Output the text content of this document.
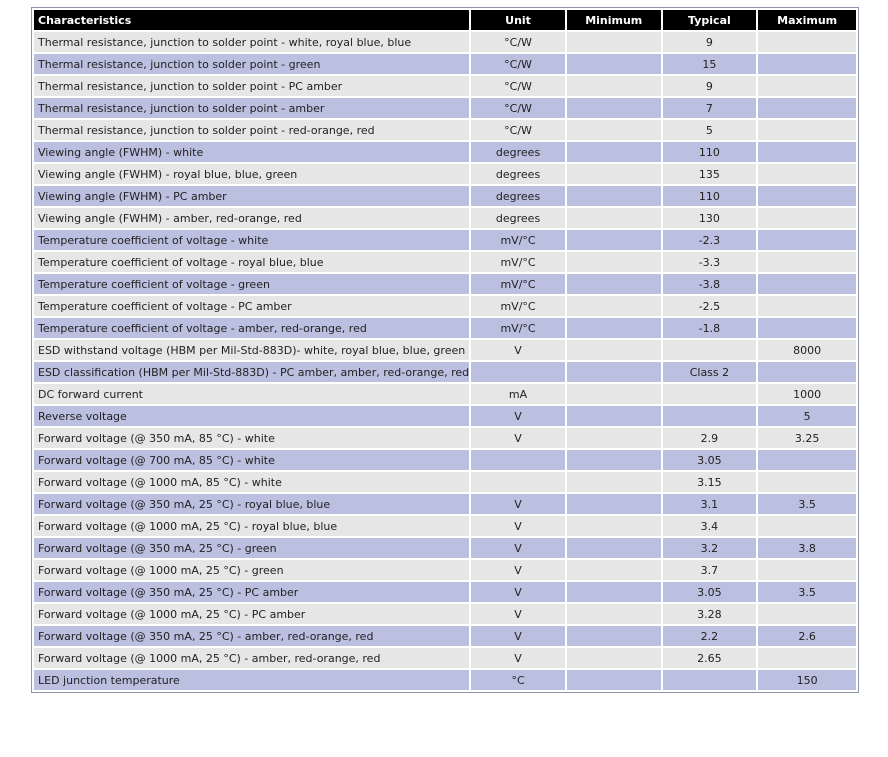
Characteristics	Unit	Minimum	Typical	Maximum
Thermal resistance, junction to solder point - white, royal blue, blue	°C/W		9	
Thermal resistance, junction to solder point - green	°C/W		15	
Thermal resistance, junction to solder point - PC amber	°C/W		9	
Thermal resistance, junction to solder point - amber	°C/W		7	
Thermal resistance, junction to solder point - red-orange, red	°C/W		5	
Viewing angle (FWHM) - white	degrees		110	
Viewing angle (FWHM) - royal blue, blue, green	degrees		135	
Viewing angle (FWHM) - PC amber	degrees		110	
Viewing angle (FWHM) - amber, red-orange, red	degrees		130	
Temperature coefficient of voltage - white	mV/°C		-2.3	
Temperature coefficient of voltage - royal blue, blue	mV/°C		-3.3	
Temperature coefficient of voltage - green	mV/°C		-3.8	
Temperature coefficient of voltage - PC amber	mV/°C		-2.5	
Temperature coefficient of voltage - amber, red-orange, red	mV/°C		-1.8	
ESD withstand voltage (HBM per Mil-Std-883D)- white, royal blue, blue, green	V			8000
ESD classification (HBM per Mil-Std-883D) - PC amber, amber, red-orange, red			Class 2	
DC forward current	mA			1000
Reverse voltage	V			5
Forward voltage (@ 350 mA, 85 °C) - white	V		2.9	3.25
Forward voltage (@ 700 mA, 85 °C) - white			3.05	
Forward voltage (@ 1000 mA, 85 °C) - white			3.15	
Forward voltage (@ 350 mA, 25 °C) - royal blue, blue	V		3.1	3.5
Forward voltage (@ 1000 mA, 25 °C) - royal blue, blue	V		3.4	
Forward voltage (@ 350 mA, 25 °C) - green	V		3.2	3.8
Forward voltage (@ 1000 mA, 25 °C) - green	V		3.7	
Forward voltage (@ 350 mA, 25 °C) - PC amber	V		3.05	3.5
Forward voltage (@ 1000 mA, 25 °C) - PC amber	V		3.28	
Forward voltage (@ 350 mA, 25 °C) - amber, red-orange, red	V		2.2	2.6
Forward voltage (@ 1000 mA, 25 °C) - amber, red-orange, red	V		2.65	
LED junction temperature	°C			150
